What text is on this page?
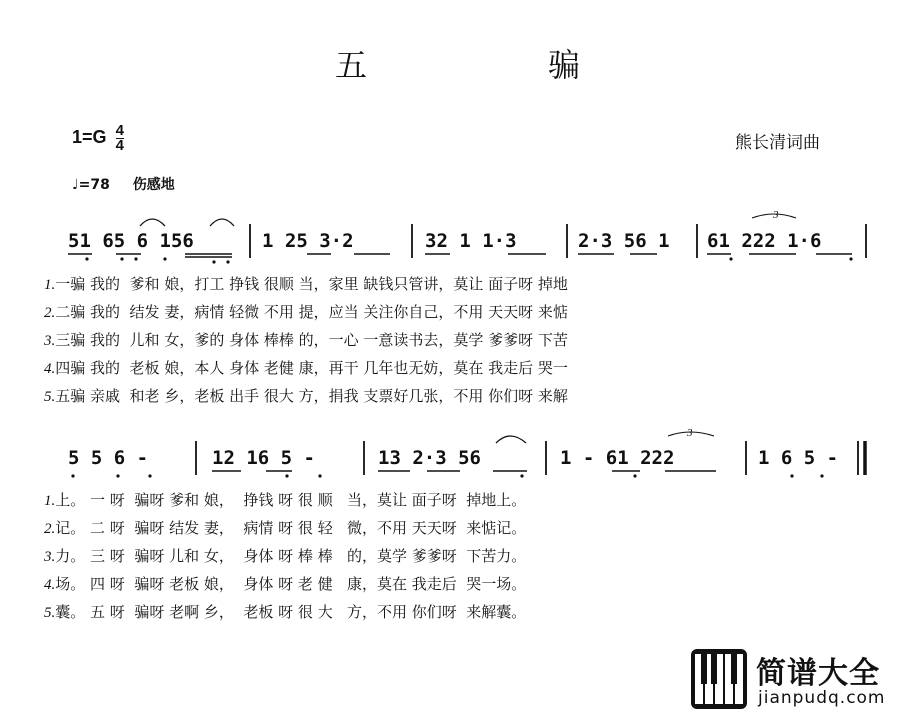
五	骗
$1=G \frac{4}{4}$	熊长清词曲
♩=78 伤感地
51 65 6 156	1 25 3·2	32 1 1·3	2·3 56 1 61 222 1·6
3
1.一骗 我的  爹和 娘，打工 挣钱 很顺 当，家里 缺钱只管讲，莫让 面子呀 掉地
2.二骗 我的  结发 妻，病情 轻微 不用 提，应当 关注你自己，不用 天天呀 来惦
3.三骗 我的  儿和 女，爹的 身体 棒棒 的，一心 一意读书去，莫学 爹爹呀 下苦
4.四骗 我的  老板 娘，本人 身体 老健 康，再干 几年也无妨，莫在 我走后 哭一
5.五骗 亲戚  和老 乡，老板 出手 很大 方，捐我 支票好几张，不用 你们呀 来解
5 5 6 -	12 16 5 -	13 2·3 56	1 - 61 222	1 6 5 -
3
1.上。 一 呀  骗呀 爹和 娘，  挣钱 呀 很 顺   当，莫让 面子呀  掉地上。
2.记。 二 呀  骗呀 结发 妻，  病情 呀 很 轻   微，不用 天天呀  来惦记。
3.力。 三 呀  骗呀 儿和 女，  身体 呀 棒 棒   的，莫学 爹爹呀  下苦力。
4.场。 四 呀  骗呀 老板 娘，  身体 呀 老 健   康，莫在 我走后  哭一场。
5.囊。 五 呀  骗呀 老啊 乡，  老板 呀 很 大   方，不用 你们呀  来解囊。
简谱大全
jianpudq.com
